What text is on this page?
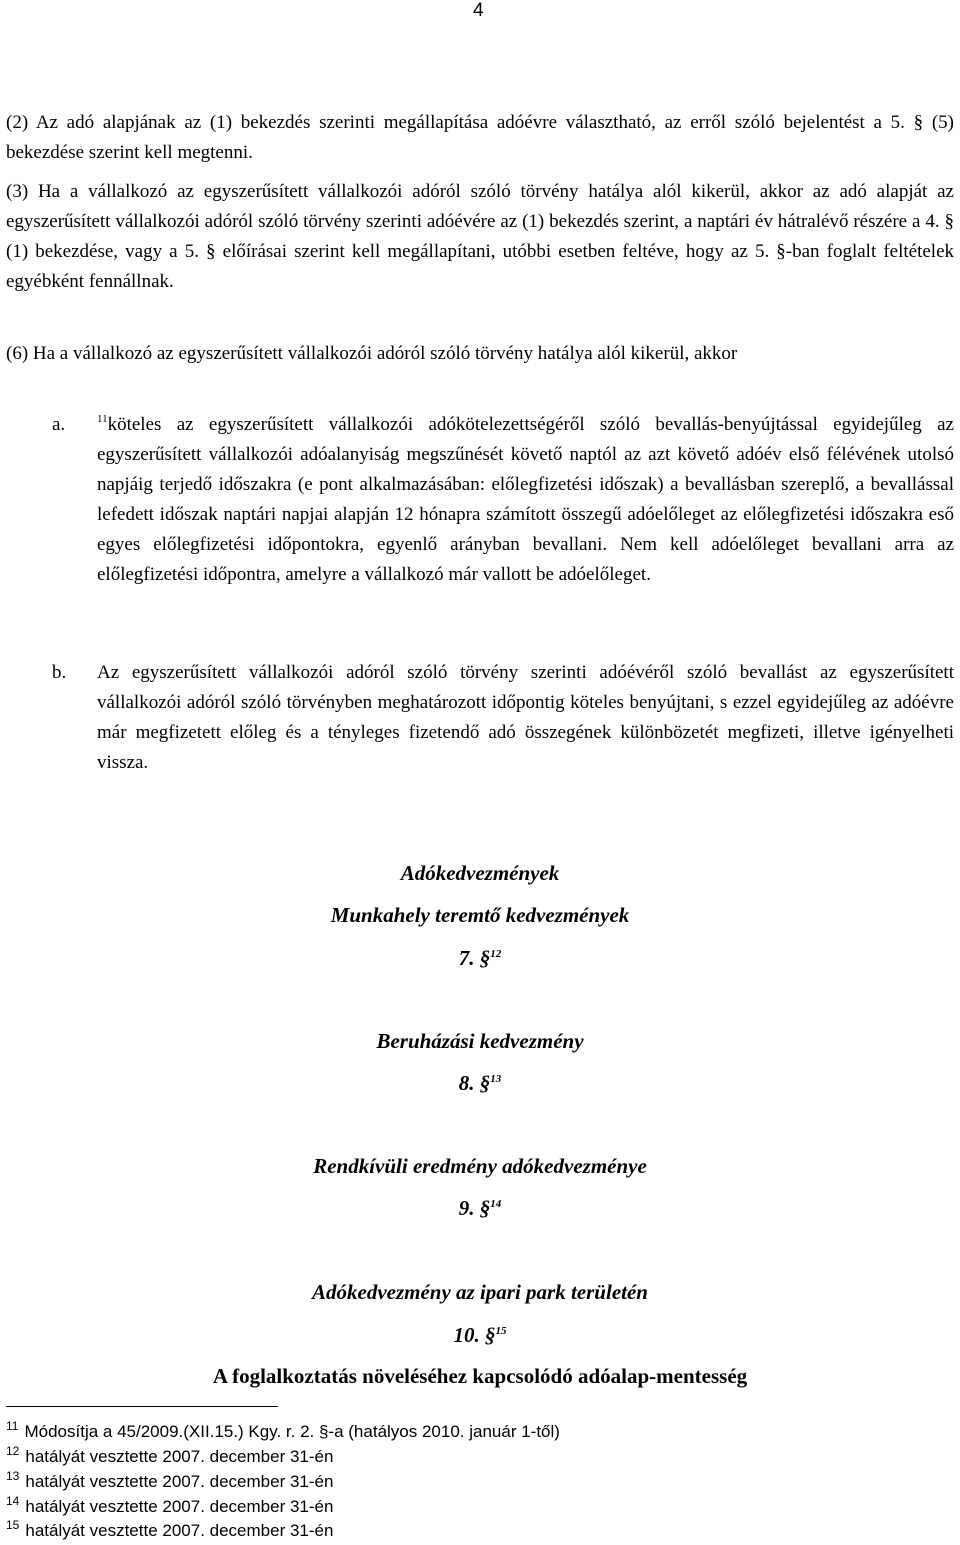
4
(2) Az adó alapjának az (1) bekezdés szerinti megállapítása adóévre választható, az erről szóló bejelentést a 5. § (5) bekezdése szerint kell megtenni.
(3) Ha a vállalkozó az egyszerűsített vállalkozói adóról szóló törvény hatálya alól kikerül, akkor az adó alapját az egyszerűsített vállalkozói adóról szóló törvény szerinti adóévére az (1) bekezdés szerint, a naptári év hátralévő részére a 4. § (1) bekezdése, vagy a 5. § előírásai szerint kell megállapítani, utóbbi esetben feltéve, hogy az 5. §-ban foglalt feltételek egyébként fennállnak.
(6) Ha a vállalkozó az egyszerűsített vállalkozói adóról szóló törvény hatálya alól kikerül, akkor
a.	$^{11}$köteles az egyszerűsített vállalkozói adókötelezettségéről szóló bevallás-benyújtással egyidejűleg az egyszerűsített vállalkozói adóalanyiság megszűnését követő naptól az azt követő adóév első félévének utolsó napjáig terjedő időszakra (e pont alkalmazásában: előlegfizetési időszak) a bevallásban szereplő, a bevallással lefedett időszak naptári napjai alapján 12 hónapra számított összegű adóelőleget az előlegfizetési időszakra eső egyes előlegfizetési időpontokra, egyenlő arányban bevallani. Nem kell adóelőleget bevallani arra az előlegfizetési időpontra, amelyre a vállalkozó már vallott be adóelőleget.
b. Az egyszerűsített vállalkozói adóról szóló törvény szerinti adóévéről szóló bevallást az egyszerűsített vállalkozói adóról szóló törvényben meghatározott időpontig köteles benyújtani, s ezzel egyidejűleg az adóévre már megfizetett előleg és a tényleges fizetendő adó összegének különbözetét megfizeti, illetve igényelheti vissza.
Adókedvezmények
Munkahely teremtő kedvezmények
7. §$^{12}$
Beruházási kedvezmény
8. §$^{13}$
Rendkívüli eredmény adókedvezménye
9. §$^{14}$
Adókedvezmény az ipari park területén
10. §$^{15}$
A foglalkoztatás növeléséhez kapcsolódó adóalap-mentesség
$^{11}$ Módosítja a 45/2009.(XII.15.) Kgy. r. 2. §-a (hatályos 2010. január 1-től)
$^{12}$ hatályát vesztette 2007. december 31-én
$^{13}$ hatályát vesztette 2007. december 31-én
$^{14}$ hatályát vesztette 2007. december 31-én
$^{15}$ hatályát vesztette 2007. december 31-én
